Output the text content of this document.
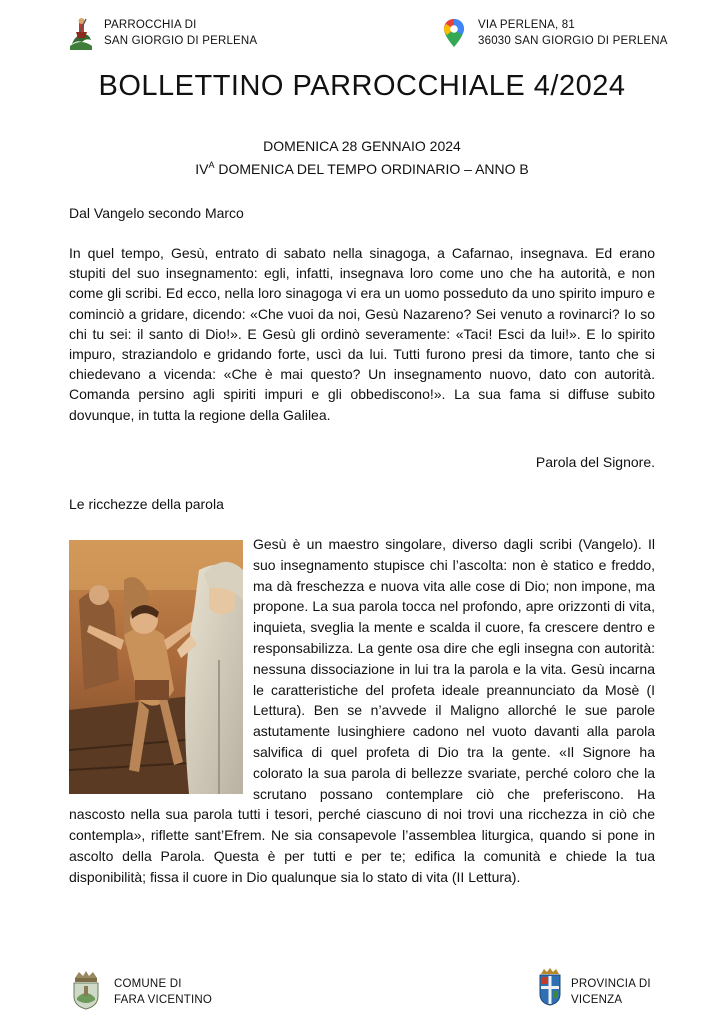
PARROCCHIA DI
SAN GIORGIO DI PERLENA
VIA PERLENA, 81
36030 SAN GIORGIO DI PERLENA
BOLLETTINO PARROCCHIALE 4/2024
DOMENICA 28 GENNAIO 2024
$IV^A$ DOMENICA DEL TEMPO ORDINARIO – ANNO B
Dal Vangelo secondo Marco

In quel tempo, Gesù, entrato di sabato nella sinagoga, a Cafarnao, insegnava. Ed erano stupiti del suo insegnamento: egli, infatti, insegnava loro come uno che ha autorità, e non come gli scribi. Ed ecco, nella loro sinagoga vi era un uomo posseduto da uno spirito impuro e cominciò a gridare, dicendo: «Che vuoi da noi, Gesù Nazareno? Sei venuto a rovinarci? Io so chi tu sei: il santo di Dio!». E Gesù gli ordinò severamente: «Taci! Esci da lui!». E lo spirito impuro, straziandolo e gridando forte, uscì da lui. Tutti furono presi da timore, tanto che si chiedevano a vicenda: «Che è mai questo? Un insegnamento nuovo, dato con autorità. Comanda persino agli spiriti impuri e gli obbediscono!». La sua fama si diffuse subito dovunque, in tutta la regione della Galilea.

Parola del Signore.
Le ricchezze della parola
Gesù è un maestro singolare, diverso dagli scribi (Vangelo). Il suo insegnamento stupisce chi l’ascolta: non è statico e freddo, ma dà freschezza e nuova vita alle cose di Dio; non impone, ma propone. La sua parola tocca nel profondo, apre orizzonti di vita, inquieta, sveglia la mente e scalda il cuore, fa crescere dentro e responsabilizza. La gente osa dire che egli insegna con autorità: nessuna dissociazione in lui tra la parola e la vita. Gesù incarna le caratteristiche del profeta ideale preannunciato da Mosè (I Lettura). Ben se n’avvede il Maligno allorché le sue parole astutamente lusinghiere cadono nel vuoto davanti alla parola salvifica di quel profeta di Dio tra la gente. «Il Signore ha colorato la sua parola di bellezze svariate, perché coloro che la scrutano possano contemplare ciò che preferiscono. Ha nascosto nella sua parola tutti i tesori, perché ciascuno di noi trovi una ricchezza in ciò che contempla», riflette sant’Efrem. Ne sia consapevole l’assemblea liturgica, quando si pone in ascolto della Parola. Questa è per tutti e per te; edifica la comunità e chiede la tua disponibilità; fissa il cuore in Dio qualunque sia lo stato di vita (II Lettura).
COMUNE DI
FARA VICENTINO
PROVINCIA DI
VICENZA
